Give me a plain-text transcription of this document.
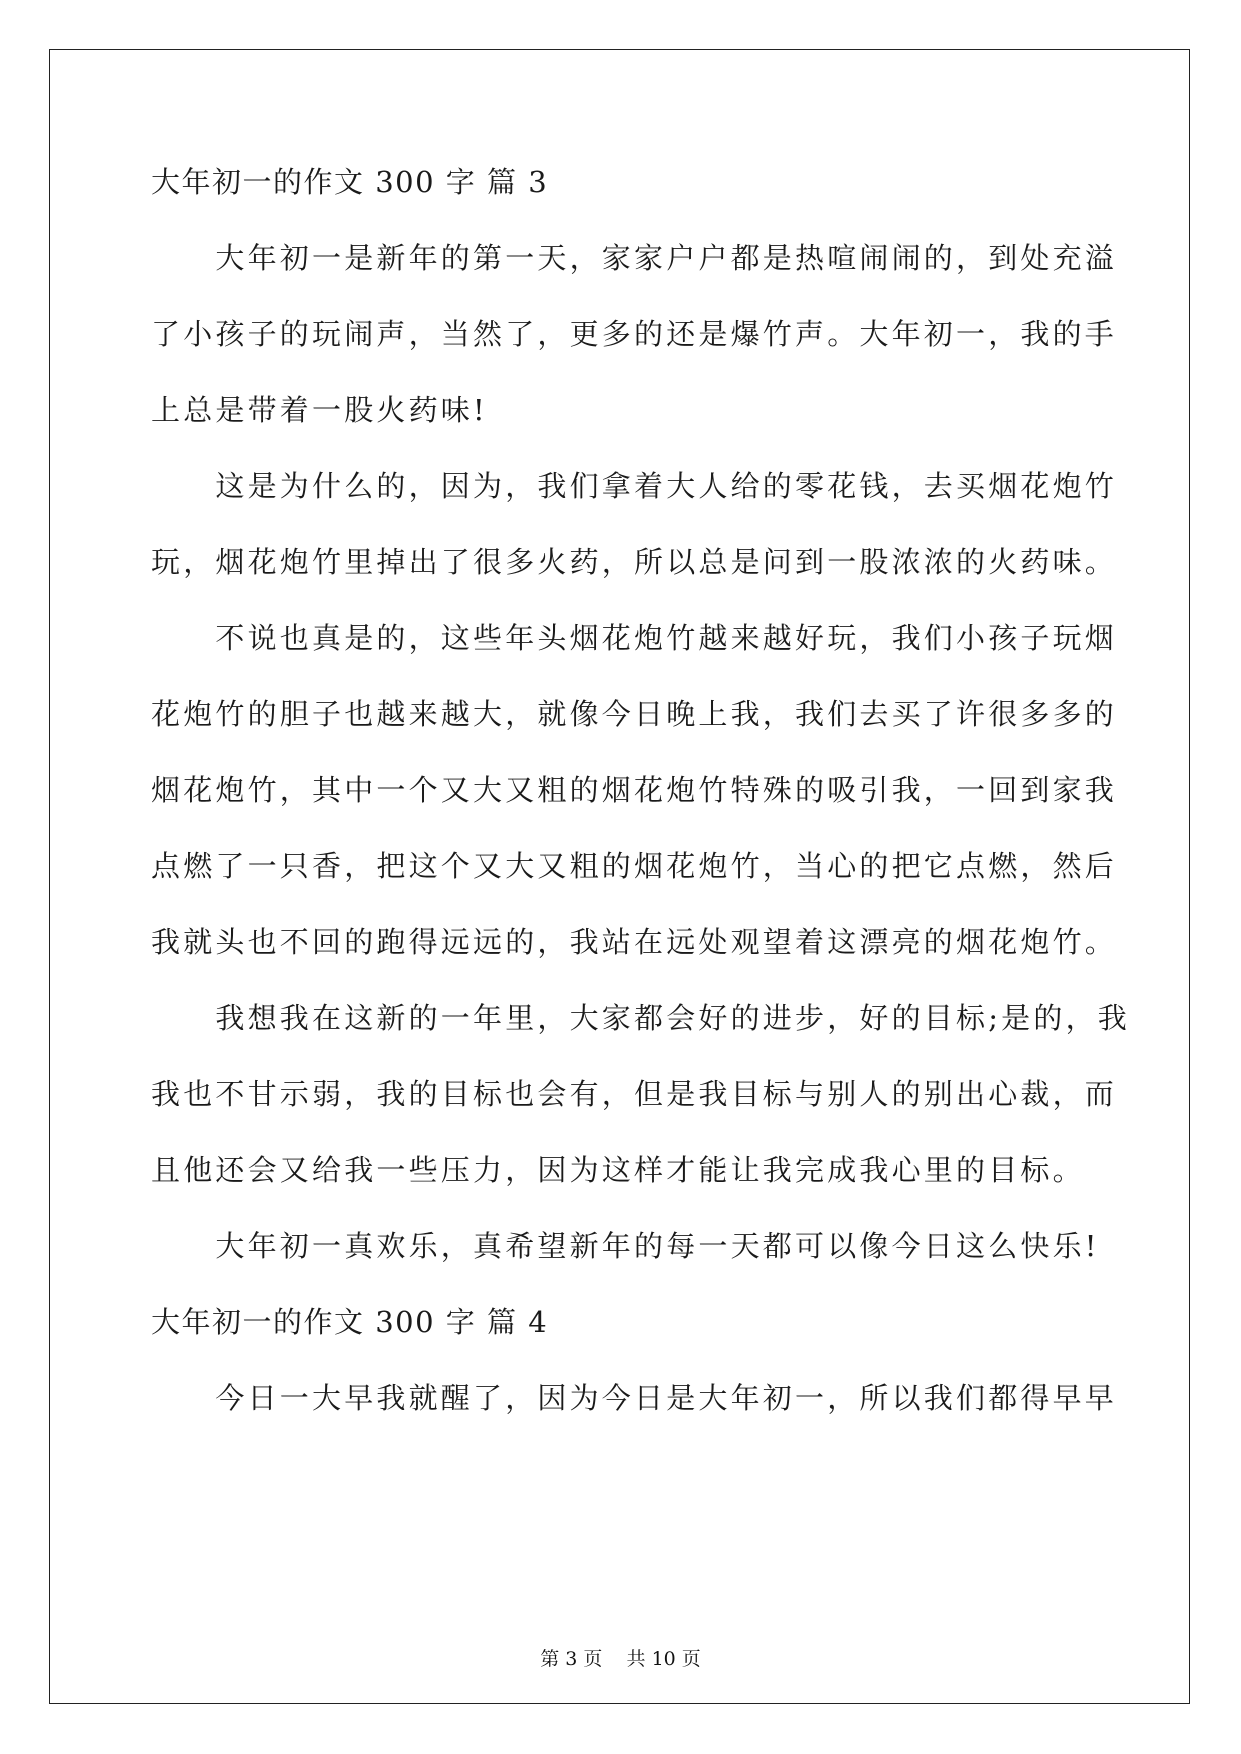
大年初一的作文 300 字 篇 3
　　大年初一是新年的第一天，家家户户都是热喧闹闹的，到处充溢
了小孩子的玩闹声，当然了，更多的还是爆竹声。大年初一，我的手
上总是带着一股火药味!
　　这是为什么的，因为，我们拿着大人给的零花钱，去买烟花炮竹
玩，烟花炮竹里掉出了很多火药，所以总是问到一股浓浓的火药味。
　　不说也真是的，这些年头烟花炮竹越来越好玩，我们小孩子玩烟
花炮竹的胆子也越来越大，就像今日晚上我，我们去买了许很多多的
烟花炮竹，其中一个又大又粗的烟花炮竹特殊的吸引我，一回到家我
点燃了一只香，把这个又大又粗的烟花炮竹，当心的把它点燃，然后
我就头也不回的跑得远远的，我站在远处观望着这漂亮的烟花炮竹。
　　我想我在这新的一年里，大家都会好的进步，好的目标;是的，我
我也不甘示弱，我的目标也会有，但是我目标与别人的别出心裁，而
且他还会又给我一些压力，因为这样才能让我完成我心里的目标。
　　大年初一真欢乐，真希望新年的每一天都可以像今日这么快乐!
大年初一的作文 300 字 篇 4
　　今日一大早我就醒了，因为今日是大年初一，所以我们都得早早
第 3 页 共 10 页
